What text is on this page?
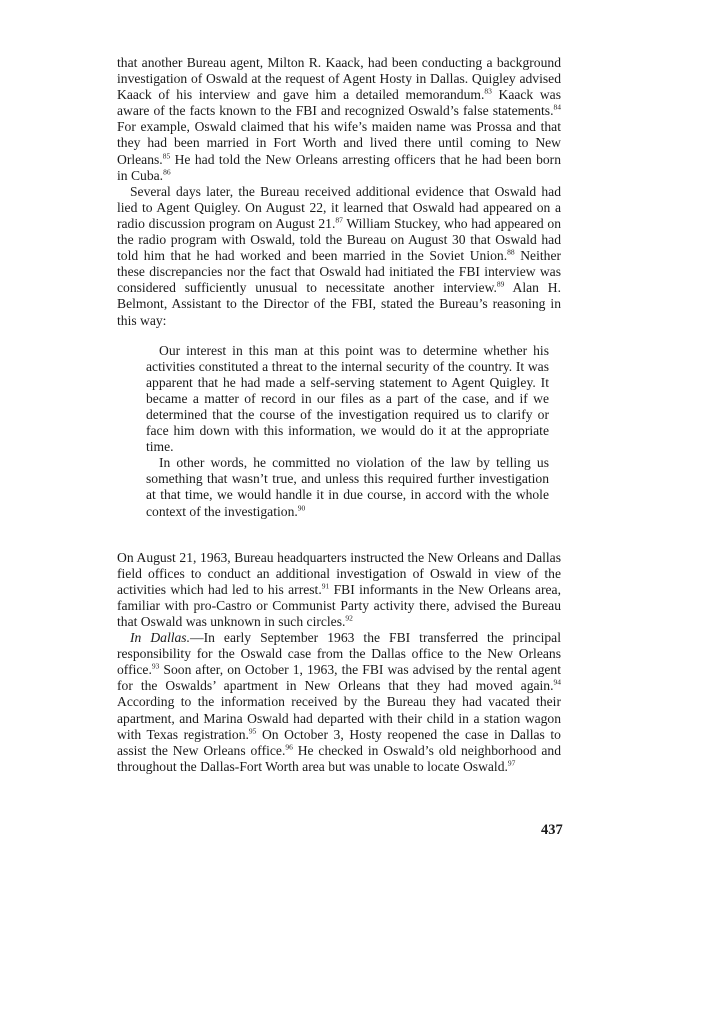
that another Bureau agent, Milton R. Kaack, had been conducting a background investigation of Oswald at the request of Agent Hosty in Dallas. Quigley advised Kaack of his interview and gave him a detailed memorandum.$^{83}$ Kaack was aware of the facts known to the FBI and recognized Oswald’s false statements.$^{84}$ For example, Oswald claimed that his wife’s maiden name was Prossa and that they had been married in Fort Worth and lived there until coming to New Orleans.$^{85}$ He had told the New Orleans arresting officers that he had been born in Cuba.$^{86}$

Several days later, the Bureau received additional evidence that Oswald had lied to Agent Quigley. On August 22, it learned that Oswald had appeared on a radio discussion program on August 21.87 William Stuckey, who had appeared on the radio program with Oswald, told the Bureau on August 30 that Oswald had told him that he had worked and been married in the Soviet Union.$^{88}$ Neither these discrepancies nor the fact that Oswald had initiated the FBI interview was considered sufficiently unusual to necessitate another interview.$^{89}$ Alan H. Belmont, Assistant to the Director of the FBI, stated the Bureau’s reasoning in this way:

Our interest in this man at this point was to determine whether his activities constituted a threat to the internal security of the country. It was apparent that he had made a self-serving statement to Agent Quigley. It became a matter of record in our files as a part of the case, and if we determined that the course of the investigation required us to clarify or face him down with this information, we would do it at the appropriate time.

In other words, he committed no violation of the law by telling us something that wasn’t true, and unless this required further investigation at that time, we would handle it in due course, in accord with the whole context of the investigation.$^{90}$

On August 21, 1963, Bureau headquarters instructed the New Orleans and Dallas field offices to conduct an additional investigation of Oswald in view of the activities which had led to his arrest.$^{91}$ FBI informants in the New Orleans area, familiar with pro-Castro or Communist Party activity there, advised the Bureau that Oswald was unknown in such circles.$^{92}$

In Dallas.—In early September 1963 the FBI transferred the principal responsibility for the Oswald case from the Dallas office to the New Orleans office.$^{93}$ Soon after, on October 1, 1963, the FBI was advised by the rental agent for the Oswalds’ apartment in New Orleans that they had moved again.$^{94}$ According to the information received by the Bureau they had vacated their apartment, and Marina Oswald had departed with their child in a station wagon with Texas registration.$^{95}$ On October 3, Hosty reopened the case in Dallas to assist the New Orleans office.$^{96}$ He checked in Oswald’s old neighborhood and throughout the Dallas-Fort Worth area but was unable to locate Oswald.$^{97}$

437
